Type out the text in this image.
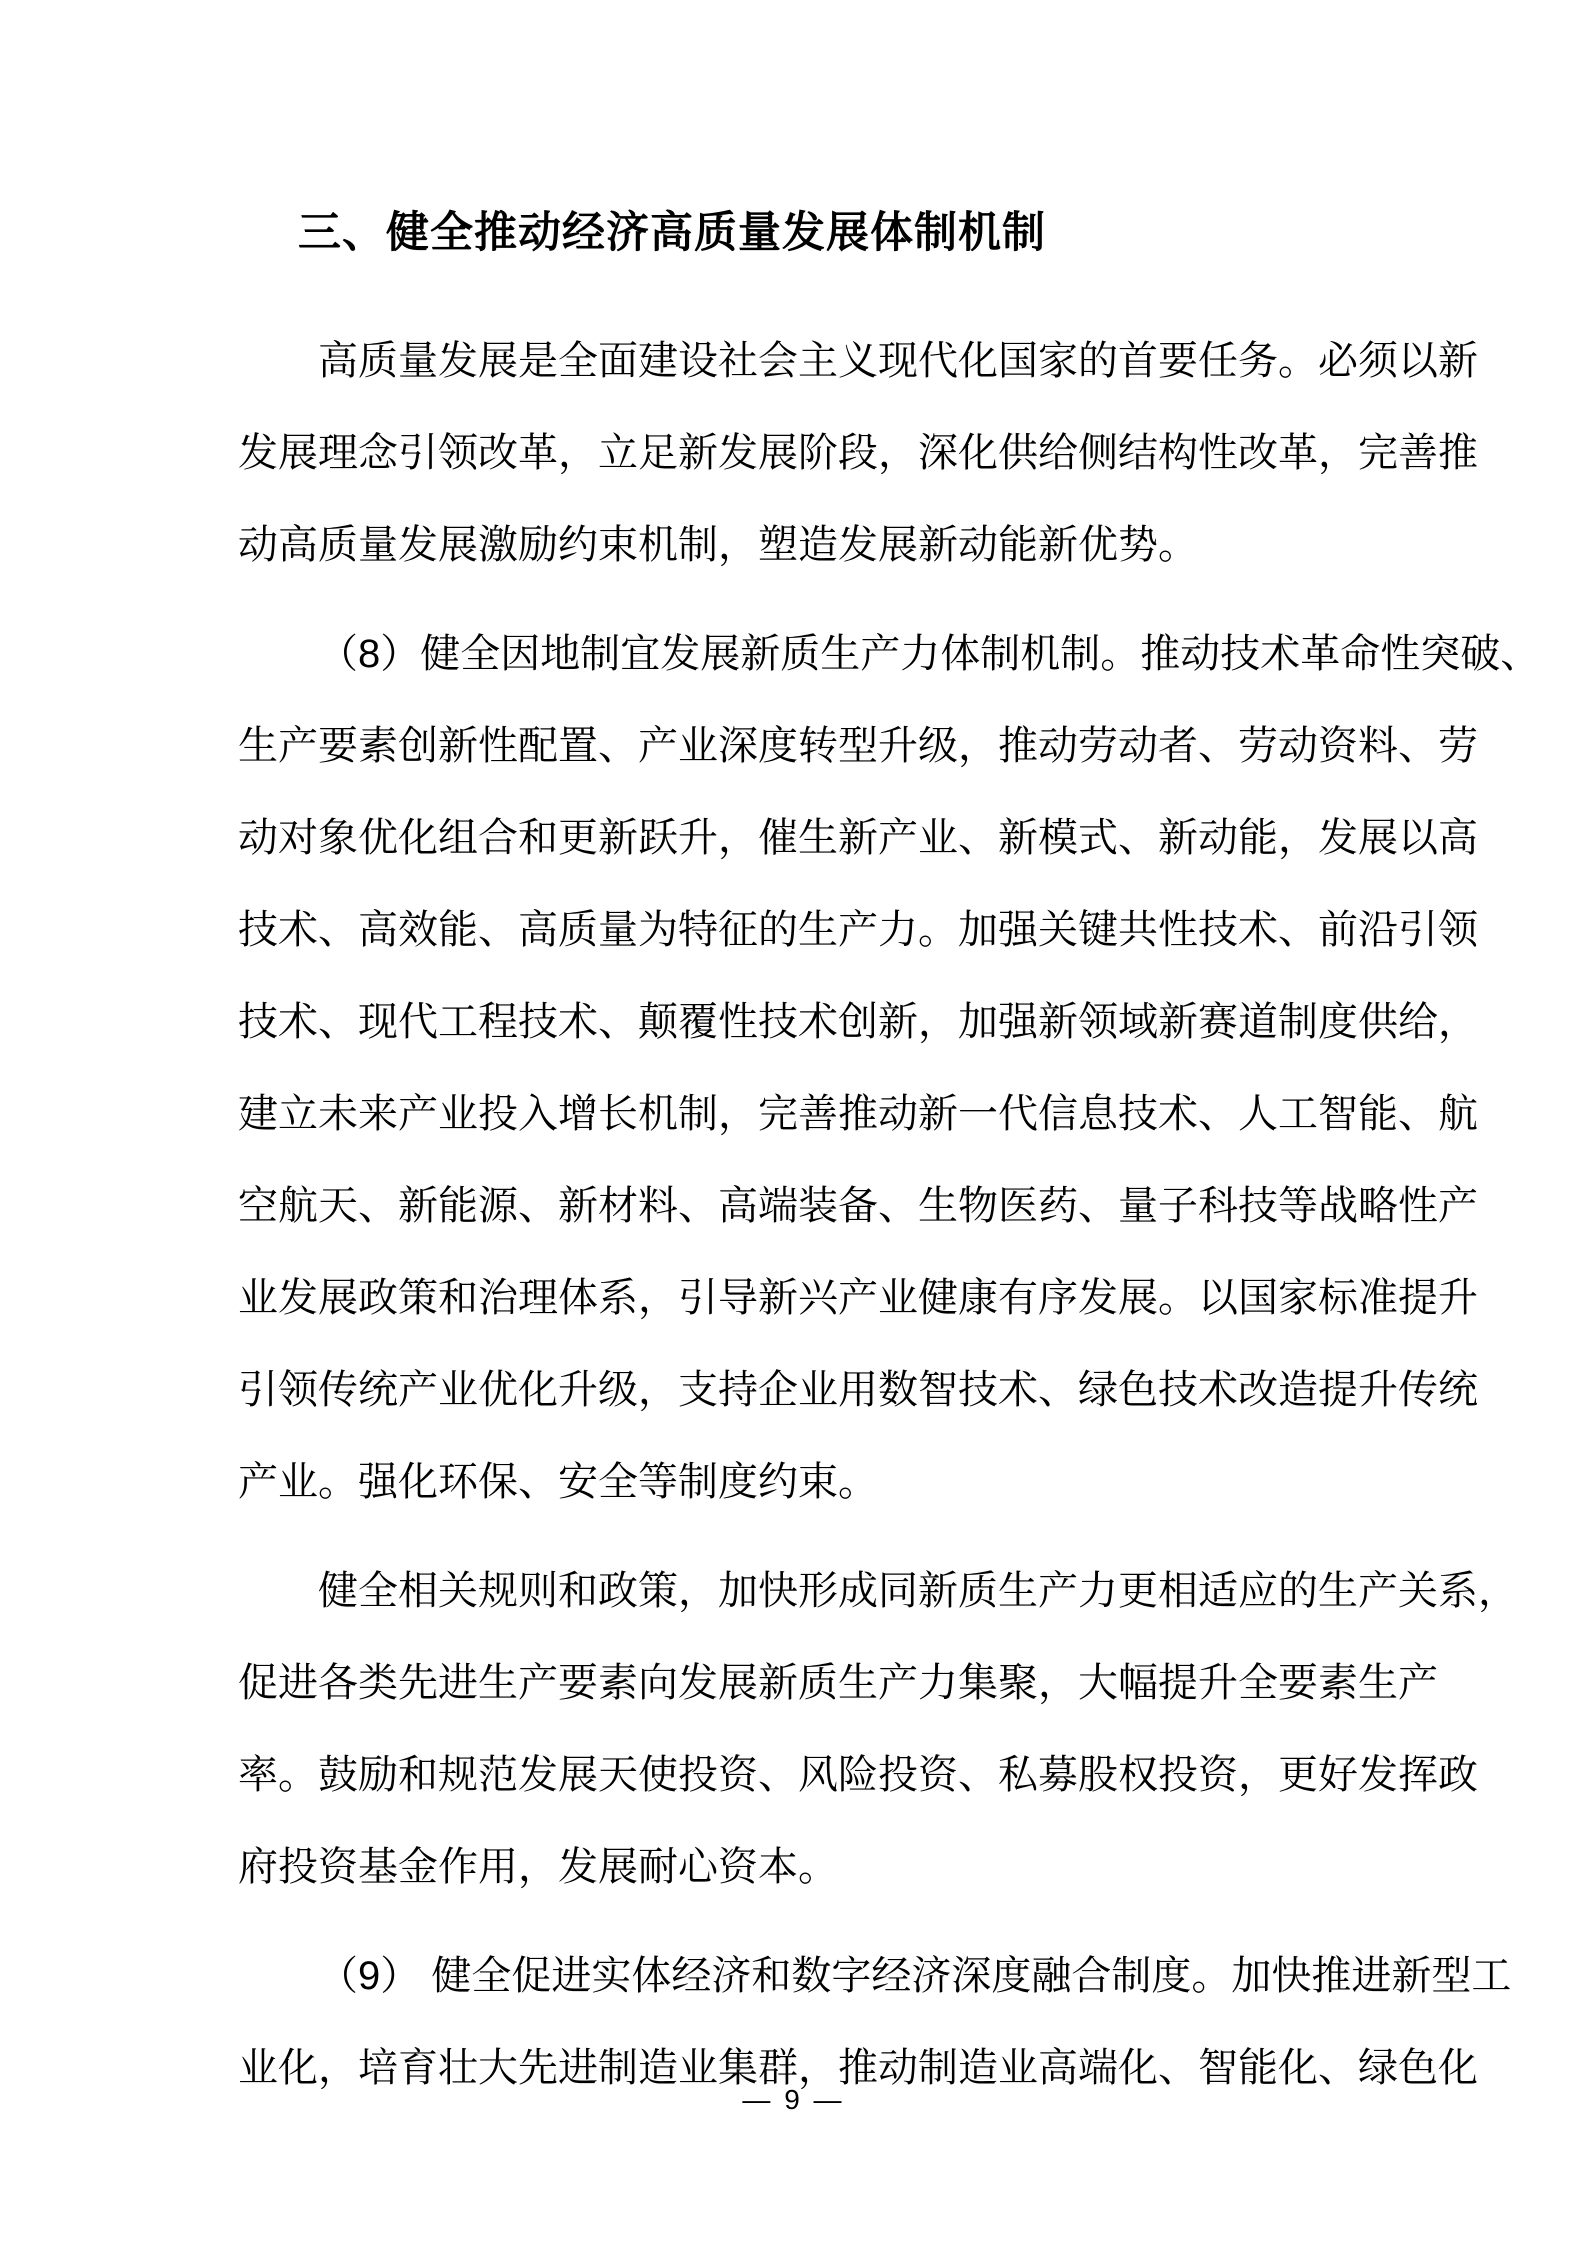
三、健全推动经济高质量发展体制机制

高质量发展是全面建设社会主义现代化国家的首要任务。必须以新
发展理念引领改革，立足新发展阶段，深化供给侧结构性改革，完善推
动高质量发展激励约束机制，塑造发展新动能新优势。

（8）健全因地制宜发展新质生产力体制机制。推动技术革命性突破、
生产要素创新性配置、产业深度转型升级，推动劳动者、劳动资料、劳
动对象优化组合和更新跃升，催生新产业、新模式、新动能，发展以高
技术、高效能、高质量为特征的生产力。加强关键共性技术、前沿引领
技术、现代工程技术、颠覆性技术创新，加强新领域新赛道制度供给，
建立未来产业投入增长机制，完善推动新一代信息技术、人工智能、航
空航天、新能源、新材料、高端装备、生物医药、量子科技等战略性产
业发展政策和治理体系，引导新兴产业健康有序发展。以国家标准提升
引领传统产业优化升级，支持企业用数智技术、绿色技术改造提升传统
产业。强化环保、安全等制度约束。

健全相关规则和政策，加快形成同新质生产力更相适应的生产关系，
促进各类先进生产要素向发展新质生产力集聚，大幅提升全要素生产
率。鼓励和规范发展天使投资、风险投资、私募股权投资，更好发挥政
府投资基金作用，发展耐心资本。

（9） 健全促进实体经济和数字经济深度融合制度。加快推进新型工
业化，培育壮大先进制造业集群，推动制造业高端化、智能化、绿色化

— 9 —
